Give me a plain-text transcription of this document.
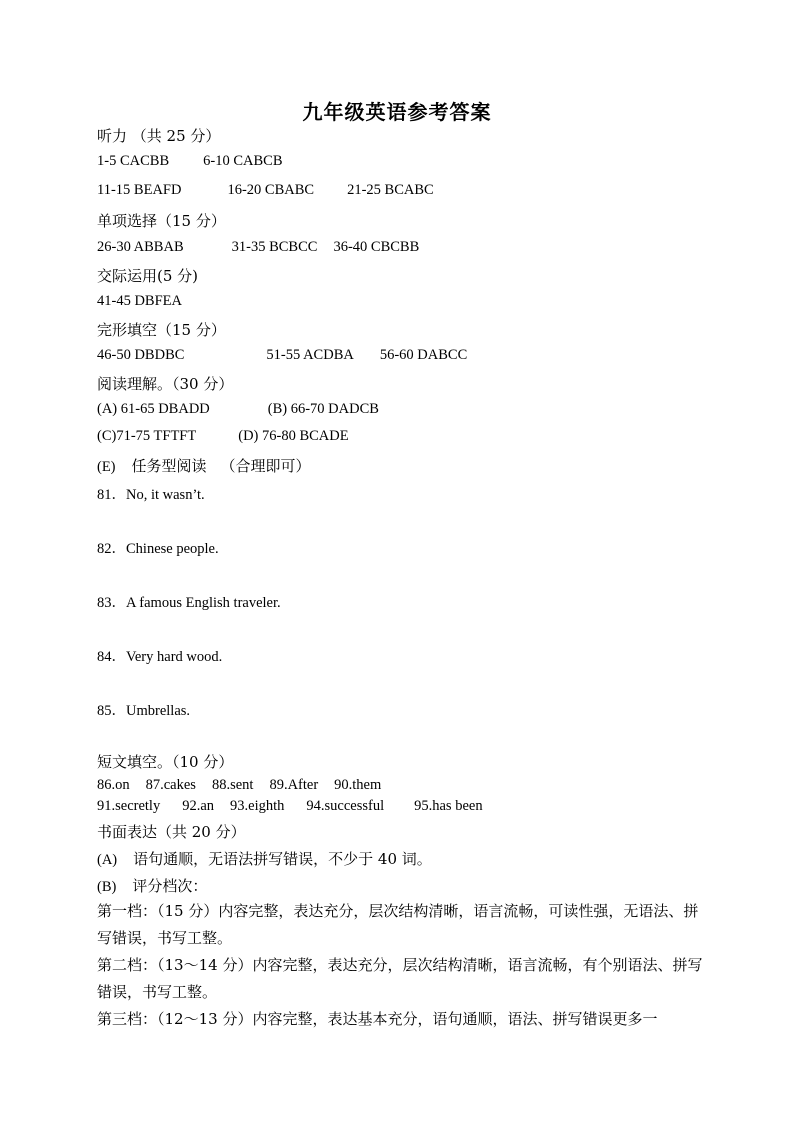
九年级英语参考答案
听力 （共 25 分）
1-5 CACBB 6-10 CABCB
11-15 BEAFD	16-20 CBABC 21-25 BCABC
单项选择（15 分）
26-30 ABBAB	31-35 BCBCC 36-40 CBCBB
交际运用(5 分)
41-45 DBFEA
完形填空（15 分）
46-50 DBDBC	51-55 ACDBA 56-60 DABCC
阅读理解。（30 分）
(A) 61-65 DBADD	(B) 66-70 DADCB
(C)71-75 TFTFT	(D) 76-80 BCADE
(E) 任务型阅读 （合理即可）
81．No, it wasn’t.
82．Chinese people.
83．A famous English traveler.
84．Very hard wood.
85．Umbrellas.
短文填空。（10 分）
86.on 87.cakes 88.sent 89.After 90.them
91.secretly 92.an 93.eighth 94.successful 95.has been
书面表达（共 20 分）
(A) 语句通顺，无语法拼写错误，不少于 40 词。
(B) 评分档次：
第一档：（15 分）内容完整，表达充分，层次结构清晰，语言流畅，可读性强，无语法、拼写错误，书写工整。
第二档：（13～14 分）内容完整，表达充分，层次结构清晰，语言流畅，有个别语法、拼写错误，书写工整。
第三档：（12～13 分）内容完整，表达基本充分，语句通顺，语法、拼写错误更多一
